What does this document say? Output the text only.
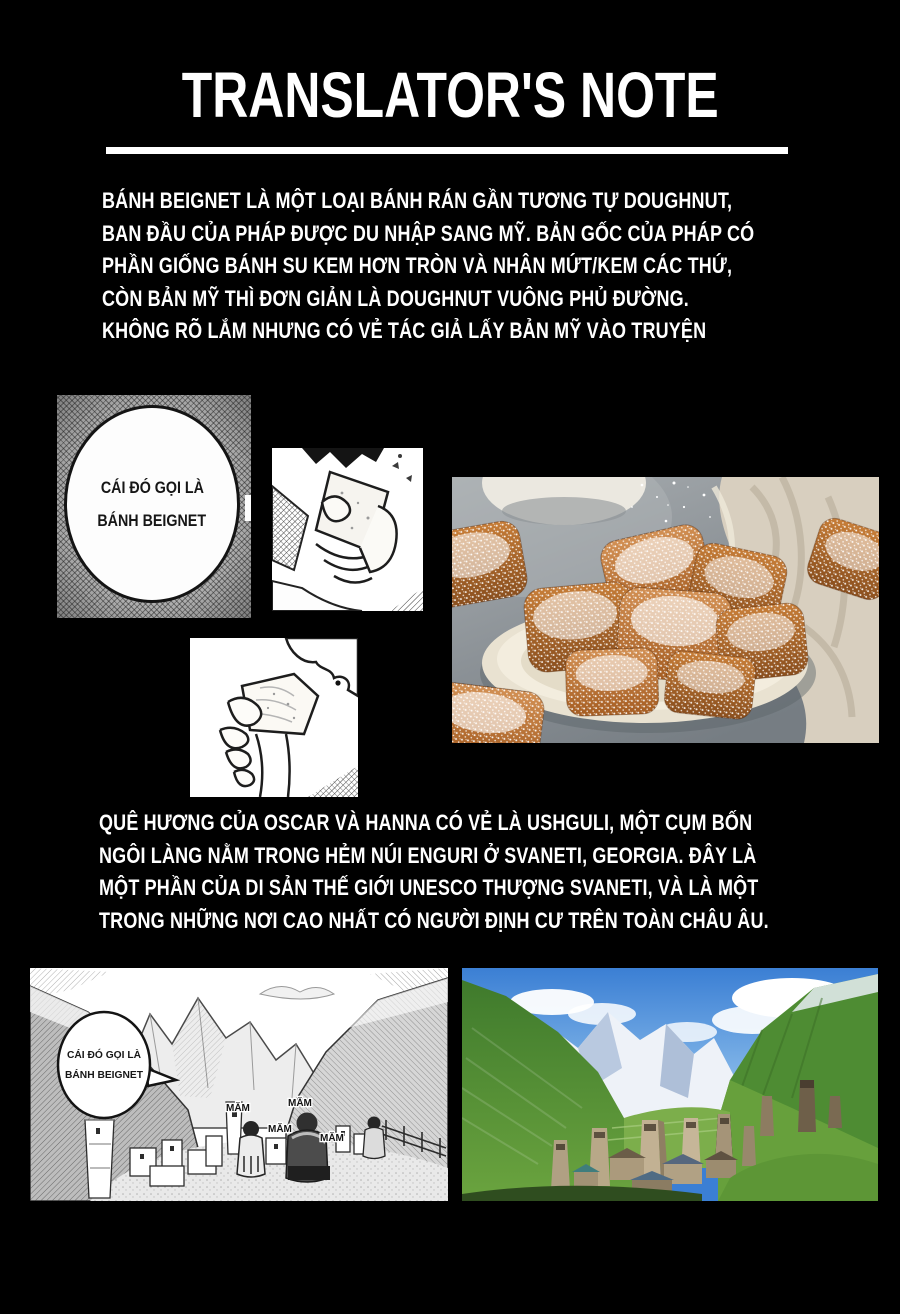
TRANSLATOR'S NOTE

BÁNH BEIGNET LÀ MỘT LOẠI BÁNH RÁN GẦN TƯƠNG TỰ DOUGHNUT,

BAN ĐẦU CỦA PHÁP ĐƯỢC DU NHẬP SANG MỸ. BẢN GỐC CỦA PHÁP CÓ

PHẦN GIỐNG BÁNH SU KEM HƠN TRÒN VÀ NHÂN MỨT/KEM CÁC THỨ,

CÒN BẢN MỸ THÌ ĐƠN GIẢN LÀ DOUGHNUT VUÔNG PHỦ ĐƯỜNG.

KHÔNG RÕ LẮM NHƯNG CÓ VẺ TÁC GIẢ LẤY BẢN MỸ VÀO TRUYỆN

CÁI ĐÓ GỌI LÀ
BÁNH BEIGNET

QUÊ HƯƠNG CỦA OSCAR VÀ HANNA CÓ VẺ LÀ USHGULI, MỘT CỤM BỐN

NGÔI LÀNG NẰM TRONG HẺM NÚI ENGURI Ở SVANETI, GEORGIA. ĐÂY LÀ

MỘT PHẦN CỦA DI SẢN THẾ GIỚI UNESCO THƯỢNG SVANETI, VÀ LÀ MỘT

TRONG NHỮNG NƠI CAO NHẤT CÓ NGƯỜI ĐỊNH CƯ TRÊN TOÀN CHÂU ÂU.

MĂM	MĂM
MĂM
MĂM
CÁI ĐÓ GỌI LÀ
BÁNH BEIGNET
